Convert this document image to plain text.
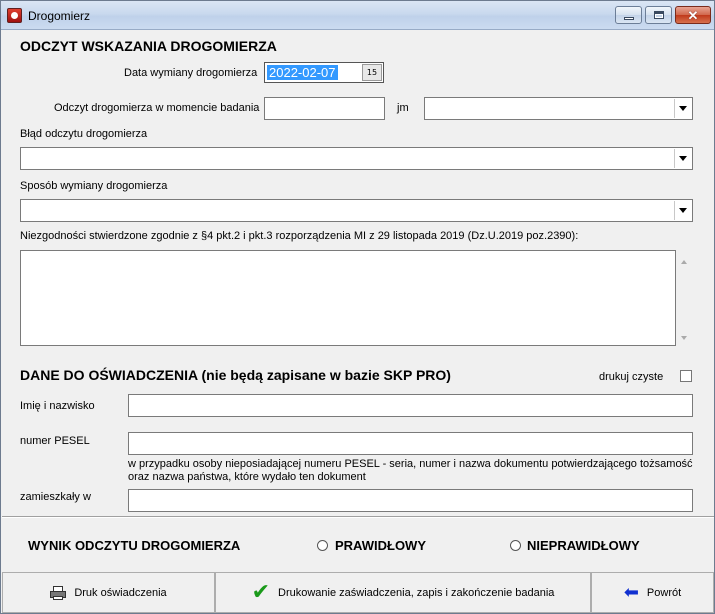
Drogomierz	✕
ODCZYT WSKAZANIA DROGOMIERZA
Data wymiany drogomierza 2022-02-07	15
Odczyt drogomierza w momencie badania	jm
Błąd odczytu drogomierza
Sposób wymiany drogomierza
Niezgodności stwierdzone zgodnie z §4 pkt.2 i pkt.3 rozporządzenia MI z 29 listopada 2019 (Dz.U.2019 poz.2390):
DANE DO OŚWIADCZENIA (nie będą zapisane w bazie SKP PRO)	drukuj czyste
Imię i nazwisko
numer PESEL
w przypadku osoby nieposiadającej numeru PESEL - seria, numer i nazwa dokumentu potwierdzającego tożsamość
oraz nazwa państwa, które wydało ten dokument
zamieszkały w
WYNIK ODCZYTU DROGOMIERZA	PRAWIDŁOWY	NIEPRAWIDŁOWY
Druk oświadczenia	✔ Drukowanie zaświadczenia, zapis i zakończenie badania	⬅ Powrót
